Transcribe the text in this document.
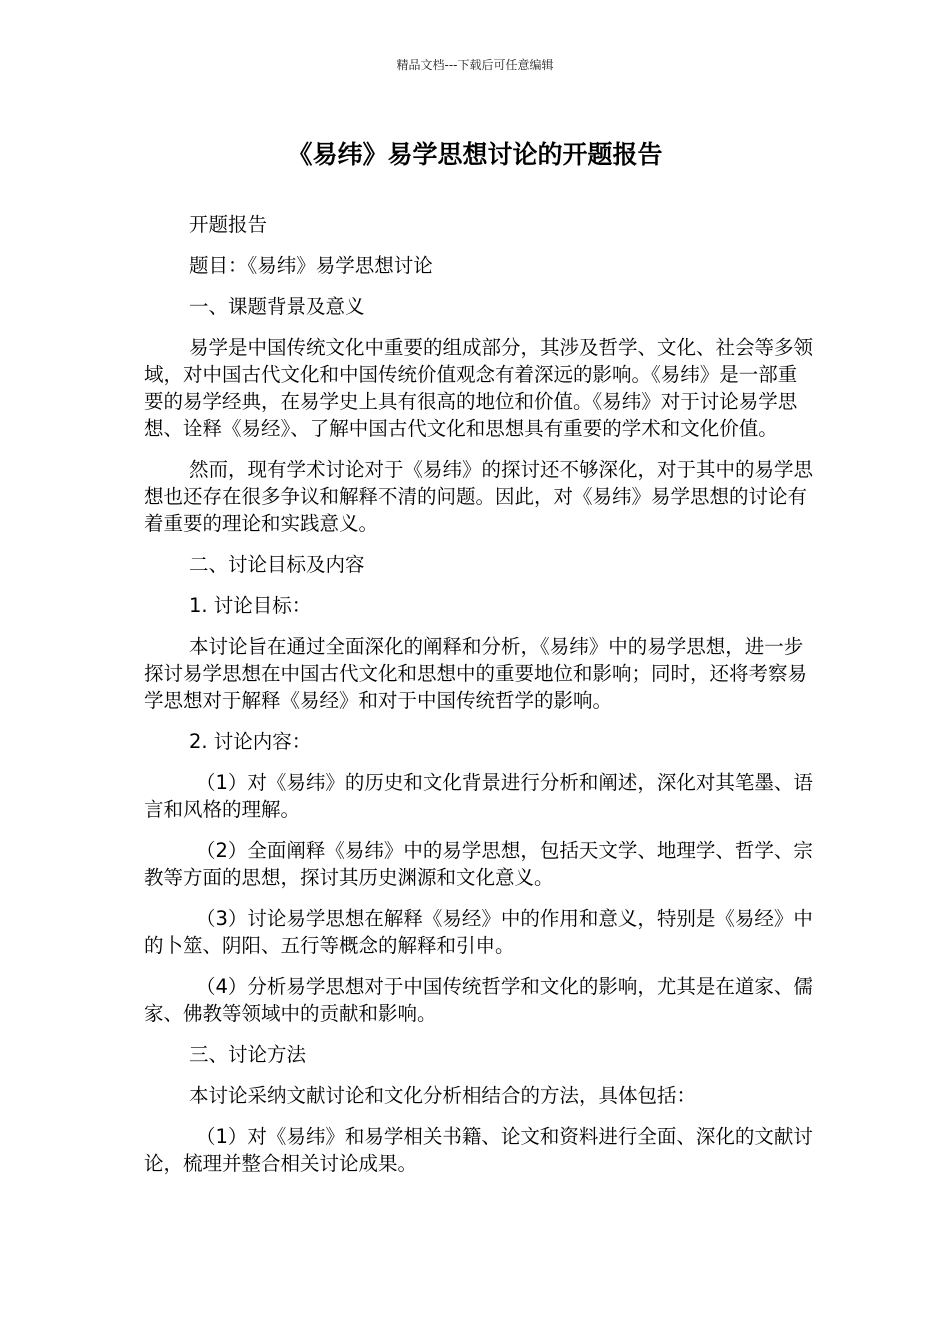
精品文档---下载后可任意编辑
《易纬》易学思想讨论的开题报告

开题报告

题目：《易纬》易学思想讨论

一、课题背景及意义

易学是中国传统文化中重要的组成部分，其涉及哲学、文化、社会等多领域，对中国古代文化和中国传统价值观念有着深远的影响。《易纬》是一部重要的易学经典，在易学史上具有很高的地位和价值。《易纬》对于讨论易学思想、诠释《易经》、了解中国古代文化和思想具有重要的学术和文化价值。

然而，现有学术讨论对于《易纬》的探讨还不够深化，对于其中的易学思想也还存在很多争议和解释不清的问题。因此，对《易纬》易学思想的讨论有着重要的理论和实践意义。

二、讨论目标及内容

1. 讨论目标：

本讨论旨在通过全面深化的阐释和分析，《易纬》中的易学思想，进一步探讨易学思想在中国古代文化和思想中的重要地位和影响；同时，还将考察易学思想对于解释《易经》和对于中国传统哲学的影响。

2. 讨论内容：

（1）对《易纬》的历史和文化背景进行分析和阐述，深化对其笔墨、语言和风格的理解。

（2）全面阐释《易纬》中的易学思想，包括天文学、地理学、哲学、宗教等方面的思想，探讨其历史渊源和文化意义。

（3）讨论易学思想在解释《易经》中的作用和意义，特别是《易经》中的卜筮、阴阳、五行等概念的解释和引申。

（4）分析易学思想对于中国传统哲学和文化的影响，尤其是在道家、儒家、佛教等领域中的贡献和影响。

三、讨论方法

本讨论采纳文献讨论和文化分析相结合的方法，具体包括：

（1）对《易纬》和易学相关书籍、论文和资料进行全面、深化的文献讨论，梳理并整合相关讨论成果。
